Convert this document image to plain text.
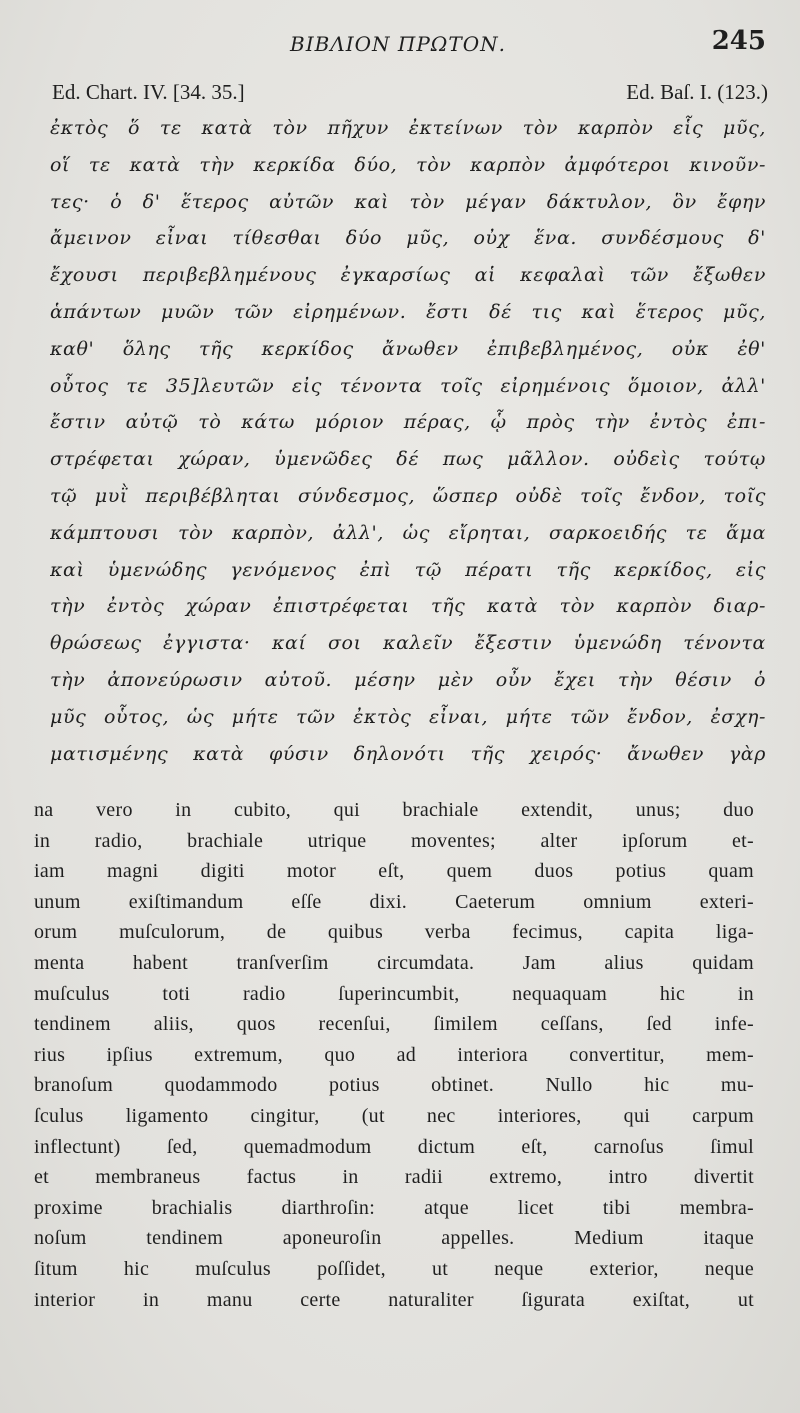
ΒΙΒΛΙΟΝ ΠΡΩΤΟΝ.	245
Ed. Chart. IV. [34. 35.]	Ed. Baſ. I. (123.)
ἐκτὸς ὅ τε κατὰ τὸν πῆχυν ἐκτείνων τὸν καρπὸν εἷς μῦς,
οἵ τε κατὰ τὴν κερκίδα δύο, τὸν καρπὸν ἀμφότεροι κινοῦν-
τες· ὁ δ' ἕτερος αὐτῶν καὶ τὸν μέγαν δάκτυλον, ὃν ἔφην
ἄμεινον εἶναι τίθεσθαι δύο μῦς, οὐχ ἕνα. συνδέσμους δ'
ἔχουσι περιβεβλημένους ἐγκαρσίως αἱ κεφαλαὶ τῶν ἔξωθεν
ἁπάντων μυῶν τῶν εἰρημένων. ἔστι δέ τις καὶ ἕτερος μῦς,
καθ' ὅλης τῆς κερκίδος ἄνωθεν ἐπιβεβλημένος, οὐκ ἐθ'
οὗτος τε 35]λευτῶν εἰς τένοντα τοῖς εἰρημένοις ὅμοιον, ἀλλ'
ἔστιν αὐτῷ τὸ κάτω μόριον πέρας, ᾧ πρὸς τὴν ἐντὸς ἐπι-
στρέφεται χώραν, ὑμενῶδες δέ πως μᾶλλον. οὐδεὶς τούτῳ
τῷ μυῒ περιβέβληται σύνδεσμος, ὥσπερ οὐδὲ τοῖς ἔνδον, τοῖς
κάμπτουσι τὸν καρπὸν, ἀλλ', ὡς εἴρηται, σαρκοειδής τε ἅμα
καὶ ὑμενώδης γενόμενος ἐπὶ τῷ πέρατι τῆς κερκίδος, εἰς
τὴν ἐντὸς χώραν ἐπιστρέφεται τῆς κατὰ τὸν καρπὸν διαρ-
θρώσεως ἐγγιστα· καί σοι καλεῖν ἔξεστιν ὑμενώδη τένοντα
τὴν ἀπονεύρωσιν αὐτοῦ. μέσην μὲν οὖν ἔχει τὴν θέσιν ὁ
μῦς οὗτος, ὡς μήτε τῶν ἐκτὸς εἶναι, μήτε τῶν ἔνδον, ἐσχη-
ματισμένης κατὰ φύσιν δηλονότι τῆς χειρός· ἄνωθεν γὰρ
na vero in cubito, qui brachiale extendit, unus; duo
in radio, brachiale utrique moventes; alter ipſorum et-
iam magni digiti motor eſt, quem duos potius quam
unum exiſtimandum eſſe dixi. Caeterum omnium exteri-
orum muſculorum, de quibus verba fecimus, capita liga-
menta habent tranſverſim circumdata. Jam alius quidam
muſculus toti radio ſuperincumbit, nequaquam hic in
tendinem aliis, quos recenſui, ſimilem ceſſans, ſed infe-
rius ipſius extremum, quo ad interiora convertitur, mem-
branoſum quodammodo potius obtinet. Nullo hic mu-
ſculus ligamento cingitur, (ut nec interiores, qui carpum
inflectunt) ſed, quemadmodum dictum eſt, carnoſus ſimul
et membraneus factus in radii extremo, intro divertit
proxime brachialis diarthroſin: atque licet tibi membra-
noſum tendinem aponeuroſin appelles. Medium itaque
ſitum hic muſculus poſſidet, ut neque exterior, neque
interior in manu certe naturaliter ſigurata exiſtat, ut
